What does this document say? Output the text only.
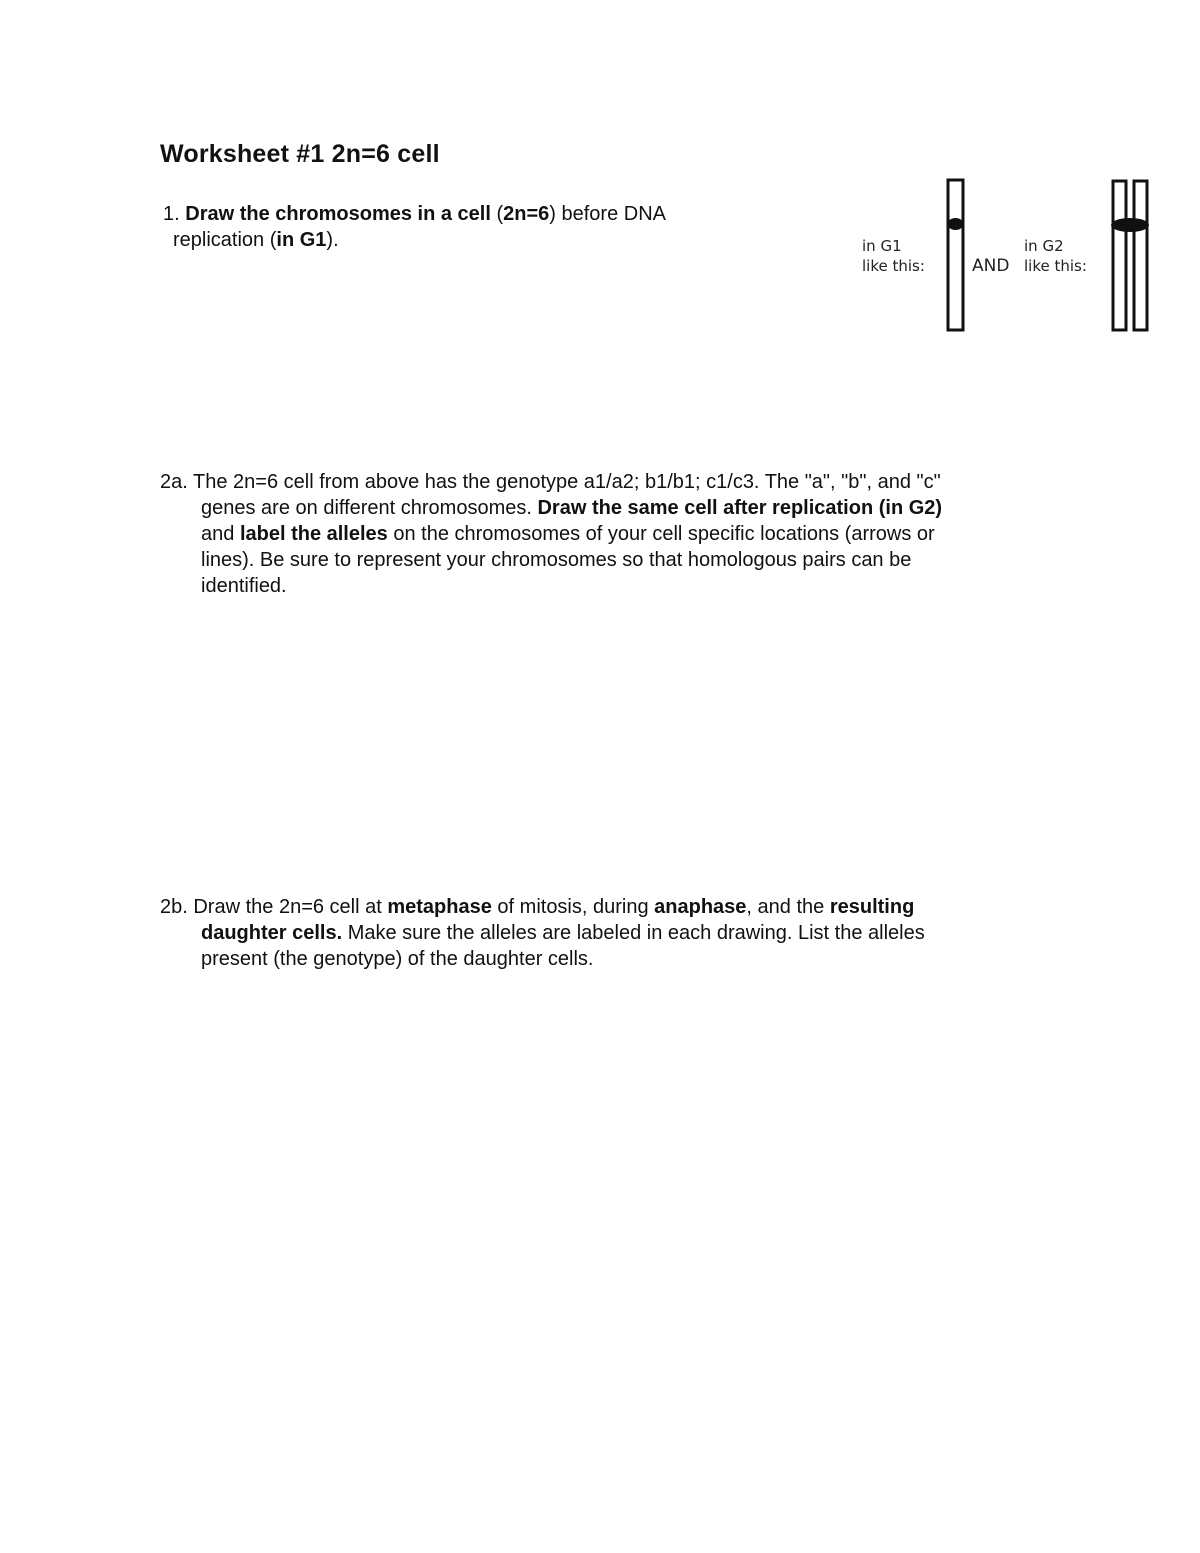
Worksheet #1 2n=6 cell

1. Draw the chromosomes in a cell (2n=6) before DNA
replication (in G1).	in G1
like this:	AND
in G2
like this:

2a. The 2n=6 cell from above has the genotype a1/a2; b1/b1; c1/c3. The "a", "b", and "c"
genes are on different chromosomes. Draw the same cell after replication (in G2)
and label the alleles on the chromosomes of your cell specific locations (arrows or
lines). Be sure to represent your chromosomes so that homologous pairs can be
identified.

2b. Draw the 2n=6 cell at metaphase of mitosis, during anaphase, and the resulting
daughter cells. Make sure the alleles are labeled in each drawing. List the alleles
present (the genotype) of the daughter cells.
